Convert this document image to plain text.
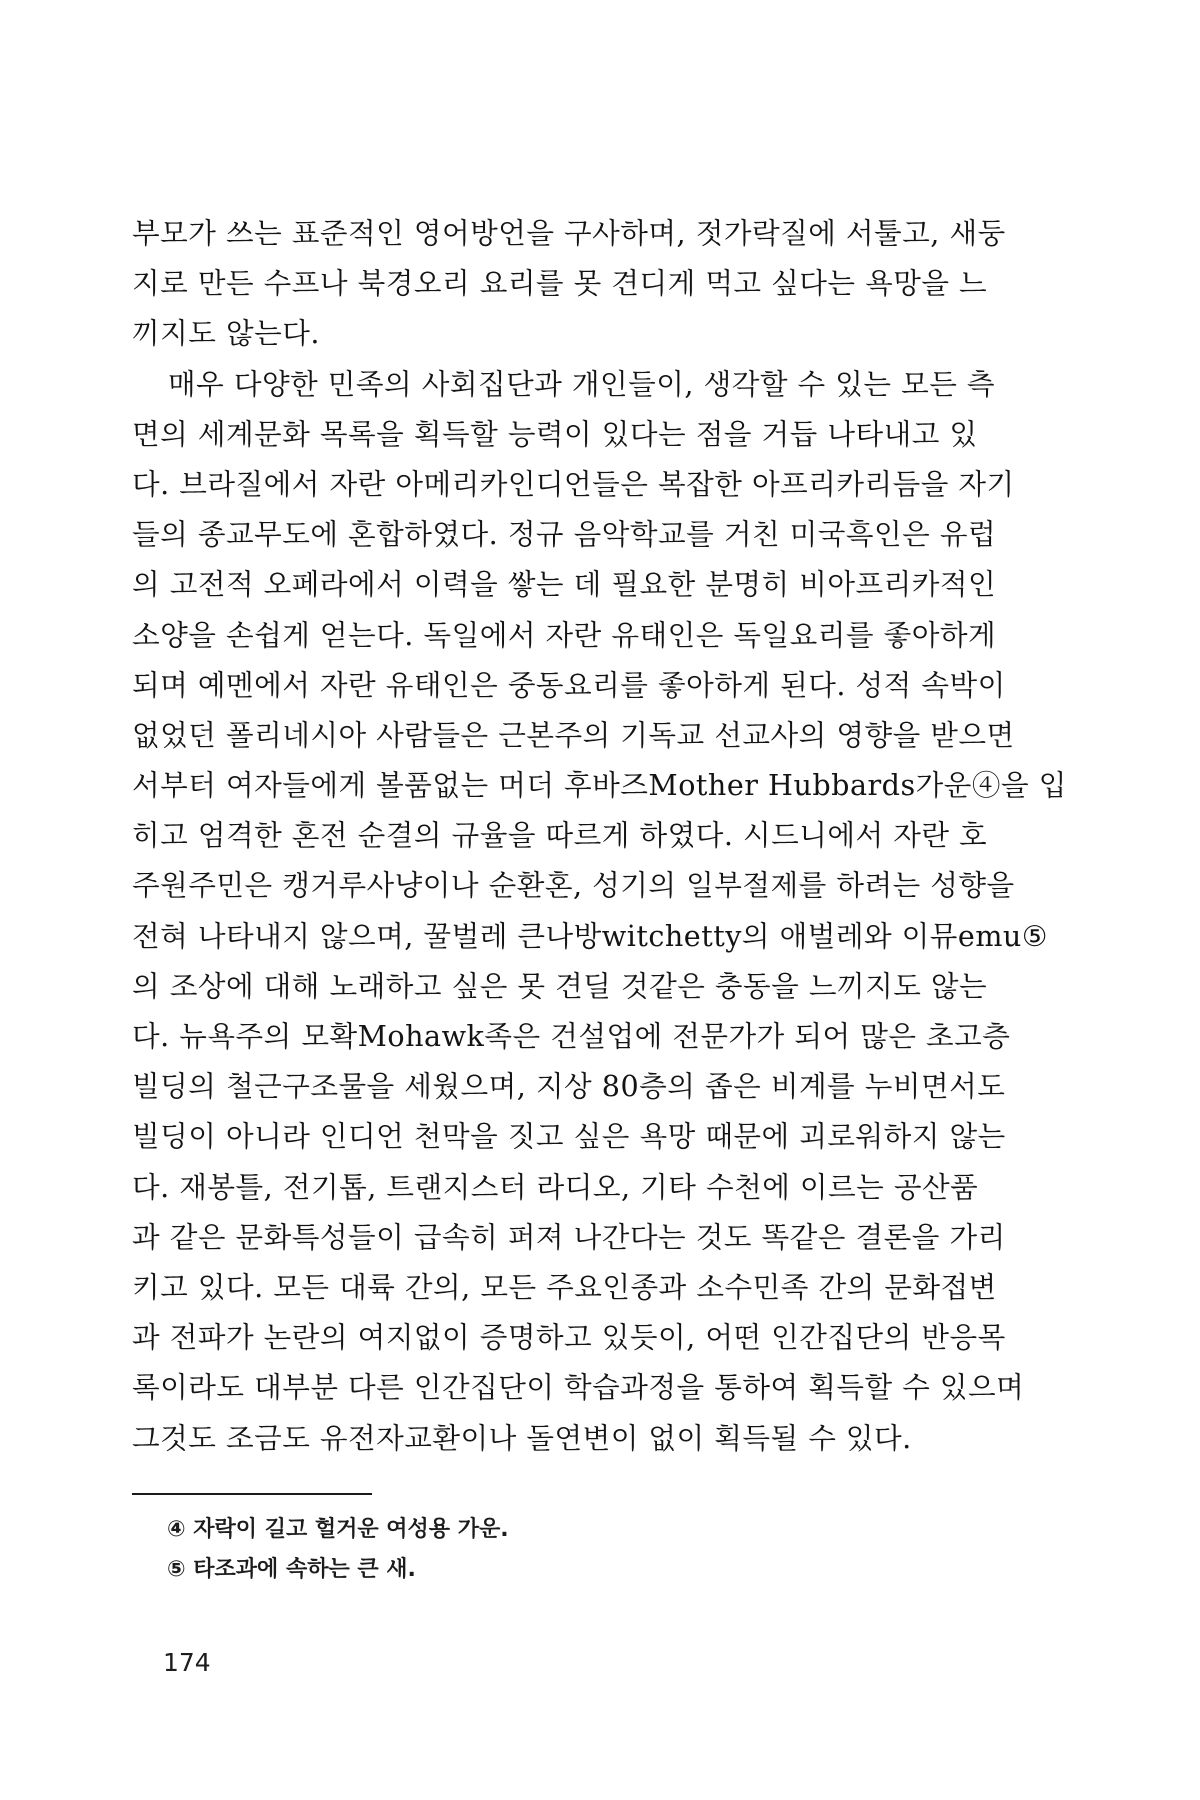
부모가 쓰는 표준적인 영어방언을 구사하며, 젓가락질에 서툴고, 새둥
지로 만든 수프나 북경오리 요리를 못 견디게 먹고 싶다는 욕망을 느
끼지도 않는다.
매우 다양한 민족의 사회집단과 개인들이, 생각할 수 있는 모든 측
면의 세계문화 목록을 획득할 능력이 있다는 점을 거듭 나타내고 있
다. 브라질에서 자란 아메리카인디언들은 복잡한 아프리카리듬을 자기
들의 종교무도에 혼합하였다. 정규 음악학교를 거친 미국흑인은 유럽
의 고전적 오페라에서 이력을 쌓는 데 필요한 분명히 비아프리카적인
소양을 손쉽게 얻는다. 독일에서 자란 유태인은 독일요리를 좋아하게
되며 예멘에서 자란 유태인은 중동요리를 좋아하게 된다. 성적 속박이
없었던 폴리네시아 사람들은 근본주의 기독교 선교사의 영향을 받으면
서부터 여자들에게 볼품없는 머더 후바즈Mother Hubbards가운④을 입
히고 엄격한 혼전 순결의 규율을 따르게 하였다. 시드니에서 자란 호
주원주민은 캥거루사냥이나 순환혼, 성기의 일부절제를 하려는 성향을
전혀 나타내지 않으며, 꿀벌레 큰나방witchetty의 애벌레와 이뮤emu⑤
의 조상에 대해 노래하고 싶은 못 견딜 것같은 충동을 느끼지도 않는
다. 뉴욕주의 모확Mohawk족은 건설업에 전문가가 되어 많은 초고층
빌딩의 철근구조물을 세웠으며, 지상 80층의 좁은 비계를 누비면서도
빌딩이 아니라 인디언 천막을 짓고 싶은 욕망 때문에 괴로워하지 않는
다. 재봉틀, 전기톱, 트랜지스터 라디오, 기타 수천에 이르는 공산품
과 같은 문화특성들이 급속히 퍼져 나간다는 것도 똑같은 결론을 가리
키고 있다. 모든 대륙 간의, 모든 주요인종과 소수민족 간의 문화접변
과 전파가 논란의 여지없이 증명하고 있듯이, 어떤 인간집단의 반응목
록이라도 대부분 다른 인간집단이 학습과정을 통하여 획득할 수 있으며
그것도 조금도 유전자교환이나 돌연변이 없이 획득될 수 있다.
④ 자락이 길고 헐거운 여성용 가운.
⑤ 타조과에 속하는 큰 새.
174
